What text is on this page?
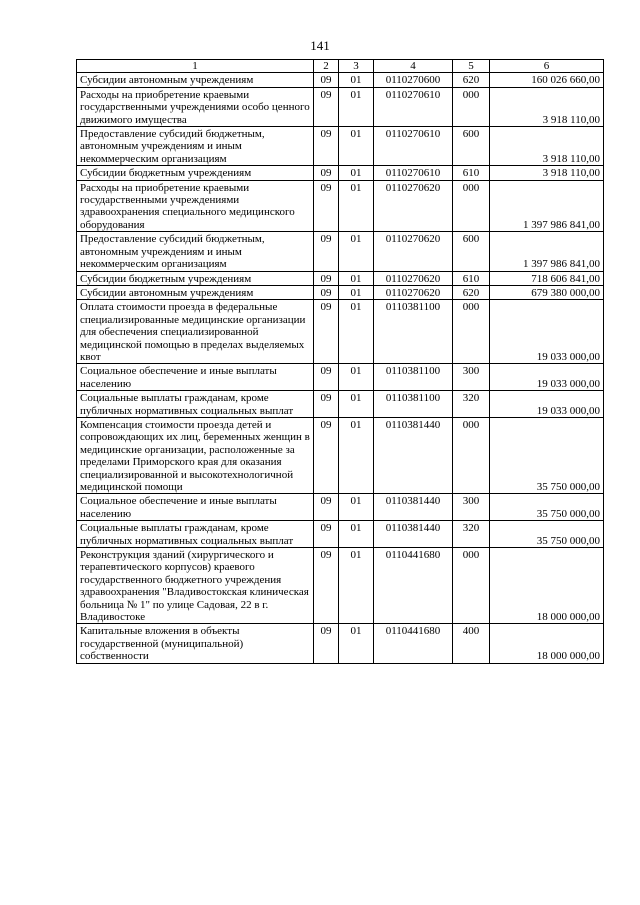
141
1	2	3	4	5	6
Субсидии автономным учреждениям	09	01	0110270600	620	160 026 660,00
Расходы на приобретение краевыми государственными учреждениями особо ценного движимого имущества	09	01	0110270610	000	3 918 110,00
Предоставление субсидий бюджетным, автономным учреждениям и иным некоммерческим организациям	09	01	0110270610	600	3 918 110,00
Субсидии бюджетным учреждениям	09	01	0110270610	610	3 918 110,00
Расходы на приобретение краевыми государственными учреждениями здравоохранения специального медицинского оборудования	09	01	0110270620	000	1 397 986 841,00
Предоставление субсидий бюджетным, автономным учреждениям и иным некоммерческим организациям	09	01	0110270620	600	1 397 986 841,00
Субсидии бюджетным учреждениям	09	01	0110270620	610	718 606 841,00
Субсидии автономным учреждениям	09	01	0110270620	620	679 380 000,00
Оплата стоимости проезда в федеральные специализированные медицинские организации для обеспечения специализированной медицинской помощью в пределах выделяемых квот	09	01	0110381100	000	19 033 000,00
Социальное обеспечение и иные выплаты населению	09	01	0110381100	300	19 033 000,00
Социальные выплаты гражданам, кроме публичных нормативных социальных выплат	09	01	0110381100	320	19 033 000,00
Компенсация стоимости проезда детей и сопровождающих их лиц, беременных женщин в медицинские организации, расположенные за пределами Приморского края для оказания специализированной и высокотехнологичной медицинской помощи	09	01	0110381440	000	35 750 000,00
Социальное обеспечение и иные выплаты населению	09	01	0110381440	300	35 750 000,00
Социальные выплаты гражданам, кроме публичных нормативных социальных выплат	09	01	0110381440	320	35 750 000,00
Реконструкция зданий (хирургического и терапевтического корпусов) краевого государственного бюджетного учреждения здравоохранения "Владивостокская клиническая больница № 1" по улице Садовая, 22 в г. Владивостоке	09	01	0110441680	000	18 000 000,00
Капитальные вложения в объекты государственной (муниципальной) собственности	09	01	0110441680	400	18 000 000,00
